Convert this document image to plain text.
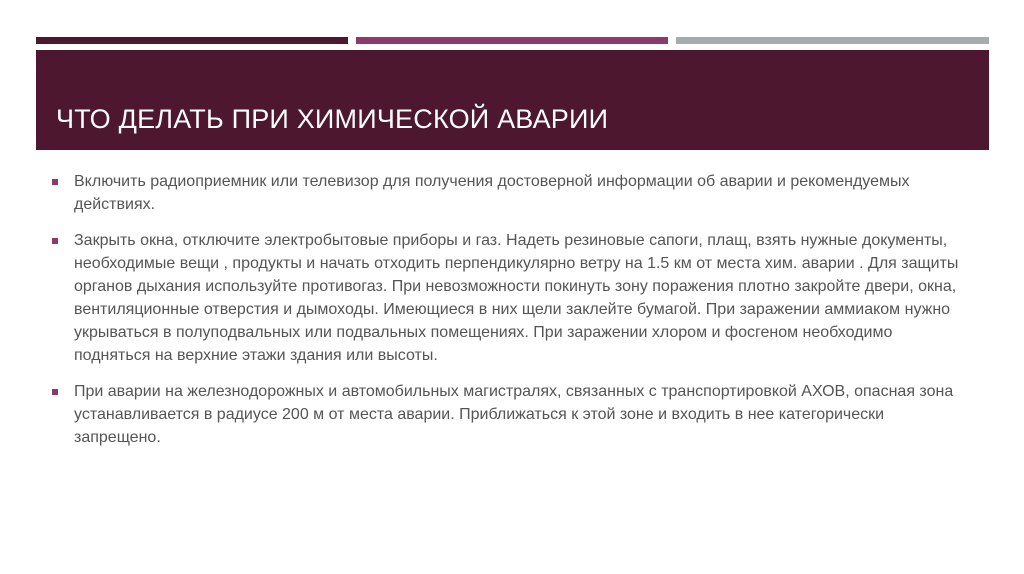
ЧТО ДЕЛАТЬ ПРИ ХИМИЧЕСКОЙ АВАРИИ
Включить радиоприемник или телевизор для получения достоверной информации об аварии и рекомендуемых действиях.
Закрыть окна, отключите электробытовые приборы и газ. Надеть резиновые сапоги, плащ, взять нужные документы, необходимые вещи , продукты и начать отходить перпендикулярно ветру на 1.5 км от места хим. аварии . Для защиты органов дыхания используйте противогаз. При невозможности покинуть зону поражения плотно закройте двери, окна, вентиляционные отверстия и дымоходы. Имеющиеся в них щели заклейте бумагой. При заражении аммиаком нужно укрываться в полуподвальных или подвальных помещениях. При заражении хлором и фосгеном необходимо подняться на верхние этажи здания или высоты.
При аварии на железнодорожных и автомобильных магистралях, связанных с транспортировкой АХОВ, опасная зона устанавливается в радиусе 200 м от места аварии. Приближаться к этой зоне и входить в нее категорически запрещено.
